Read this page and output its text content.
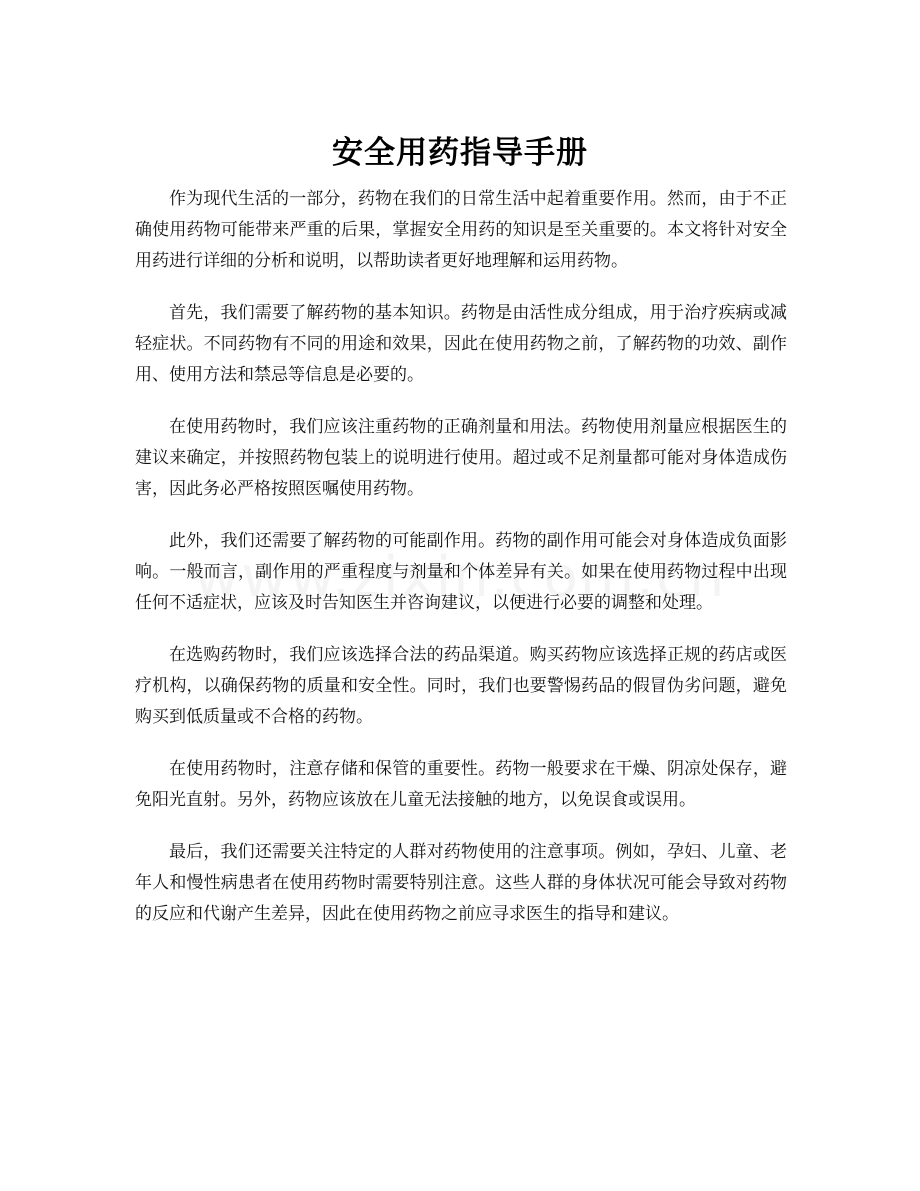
安全用药指导手册

作为现代生活的一部分，药物在我们的日常生活中起着重要作用。然而，由于不正确使用药物可能带来严重的后果，掌握安全用药的知识是至关重要的。本文将针对安全用药进行详细的分析和说明，以帮助读者更好地理解和运用药物。

首先，我们需要了解药物的基本知识。药物是由活性成分组成，用于治疗疾病或减轻症状。不同药物有不同的用途和效果，因此在使用药物之前，了解药物的功效、副作用、使用方法和禁忌等信息是必要的。

在使用药物时，我们应该注重药物的正确剂量和用法。药物使用剂量应根据医生的建议来确定，并按照药物包装上的说明进行使用。超过或不足剂量都可能对身体造成伤害，因此务必严格按照医嘱使用药物。

此外，我们还需要了解药物的可能副作用。药物的副作用可能会对身体造成负面影响。一般而言，副作用的严重程度与剂量和个体差异有关。如果在使用药物过程中出现任何不适症状，应该及时告知医生并咨询建议，以便进行必要的调整和处理。

在选购药物时，我们应该选择合法的药品渠道。购买药物应该选择正规的药店或医疗机构，以确保药物的质量和安全性。同时，我们也要警惕药品的假冒伪劣问题，避免购买到低质量或不合格的药物。

在使用药物时，注意存储和保管的重要性。药物一般要求在干燥、阴凉处保存，避免阳光直射。另外，药物应该放在儿童无法接触的地方，以免误食或误用。

最后，我们还需要关注特定的人群对药物使用的注意事项。例如，孕妇、儿童、老年人和慢性病患者在使用药物时需要特别注意。这些人群的身体状况可能会导致对药物的反应和代谢产生差异，因此在使用药物之前应寻求医生的指导和建议。
